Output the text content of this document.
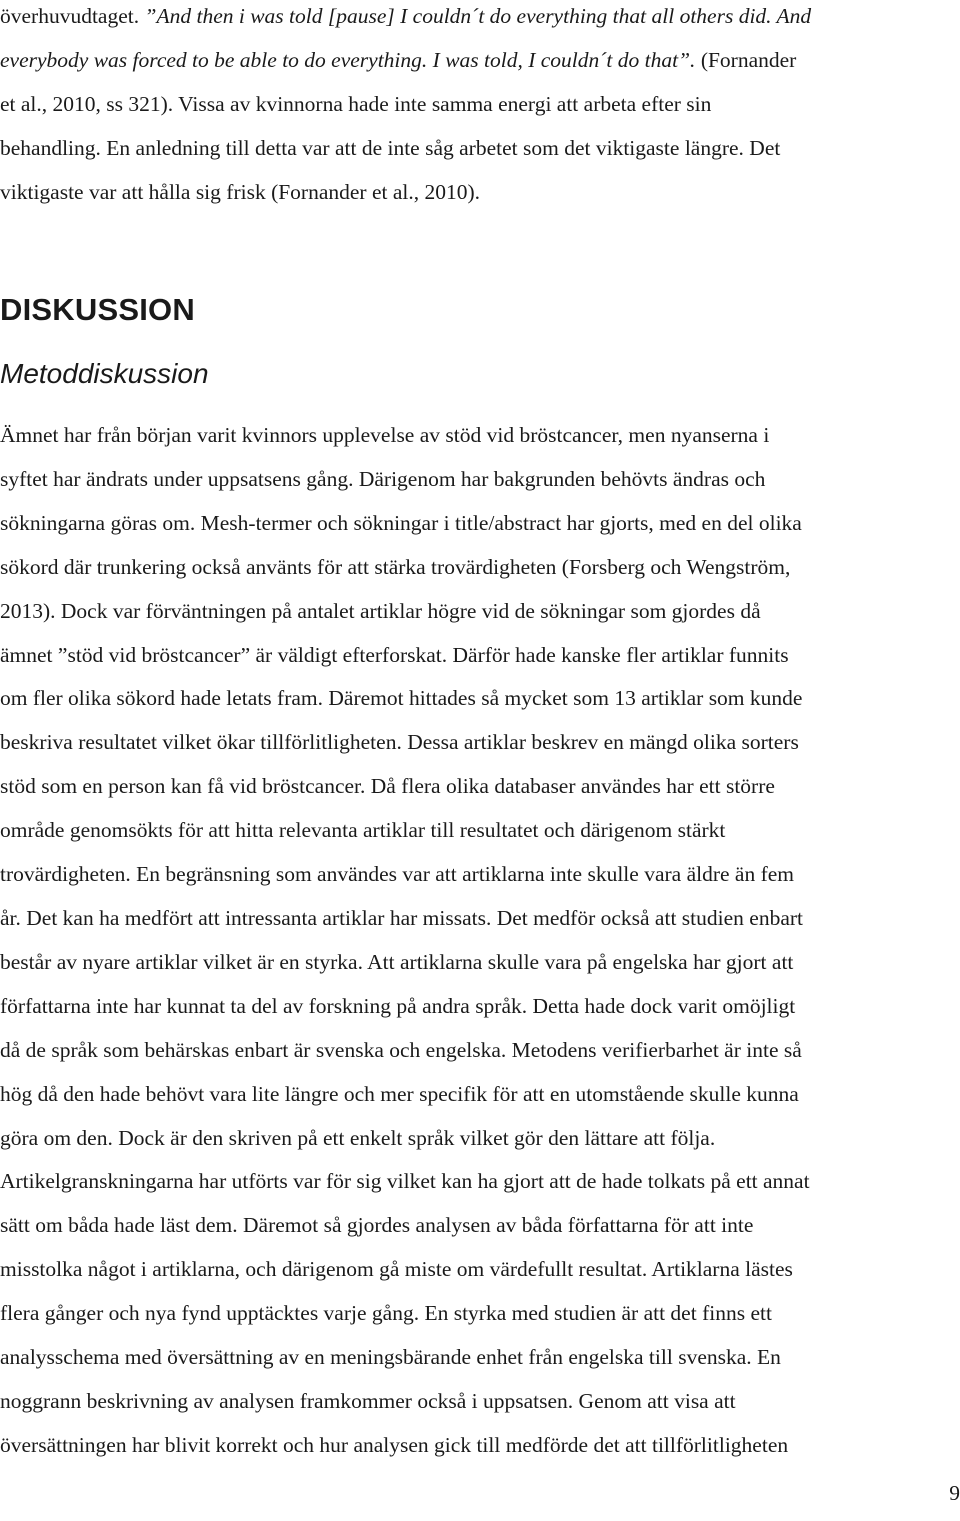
överhuvudtaget. ”And then i was told [pause] I couldn´t do everything that all others did. And
everybody was forced to be able to do everything. I was told, I couldn´t do that”. (Fornander
et al., 2010, ss 321). Vissa av kvinnorna hade inte samma energi att arbeta efter sin
behandling. En anledning till detta var att de inte såg arbetet som det viktigaste längre. Det
viktigaste var att hålla sig frisk (Fornander et al., 2010).
DISKUSSION
Metoddiskussion
Ämnet har från början varit kvinnors upplevelse av stöd vid bröstcancer, men nyanserna i
syftet har ändrats under uppsatsens gång. Därigenom har bakgrunden behövts ändras och
sökningarna göras om. Mesh-termer och sökningar i title/abstract har gjorts, med en del olika
sökord där trunkering också använts för att stärka trovärdigheten (Forsberg och Wengström,
2013). Dock var förväntningen på antalet artiklar högre vid de sökningar som gjordes då
ämnet ”stöd vid bröstcancer” är väldigt efterforskat. Därför hade kanske fler artiklar funnits
om fler olika sökord hade letats fram. Däremot hittades så mycket som 13 artiklar som kunde
beskriva resultatet vilket ökar tillförlitligheten. Dessa artiklar beskrev en mängd olika sorters
stöd som en person kan få vid bröstcancer. Då flera olika databaser användes har ett större
område genomsökts för att hitta relevanta artiklar till resultatet och därigenom stärkt
trovärdigheten. En begränsning som användes var att artiklarna inte skulle vara äldre än fem
år. Det kan ha medfört att intressanta artiklar har missats. Det medför också att studien enbart
består av nyare artiklar vilket är en styrka. Att artiklarna skulle vara på engelska har gjort att
författarna inte har kunnat ta del av forskning på andra språk. Detta hade dock varit omöjligt
då de språk som behärskas enbart är svenska och engelska. Metodens verifierbarhet är inte så
hög då den hade behövt vara lite längre och mer specifik för att en utomstående skulle kunna
göra om den. Dock är den skriven på ett enkelt språk vilket gör den lättare att följa.
Artikelgranskningarna har utförts var för sig vilket kan ha gjort att de hade tolkats på ett annat
sätt om båda hade läst dem. Däremot så gjordes analysen av båda författarna för att inte
misstolka något i artiklarna, och därigenom gå miste om värdefullt resultat. Artiklarna lästes
flera gånger och nya fynd upptäcktes varje gång. En styrka med studien är att det finns ett
analysschema med översättning av en meningsbärande enhet från engelska till svenska. En
noggrann beskrivning av analysen framkommer också i uppsatsen. Genom att visa att
översättningen har blivit korrekt och hur analysen gick till medförde det att tillförlitligheten
9
